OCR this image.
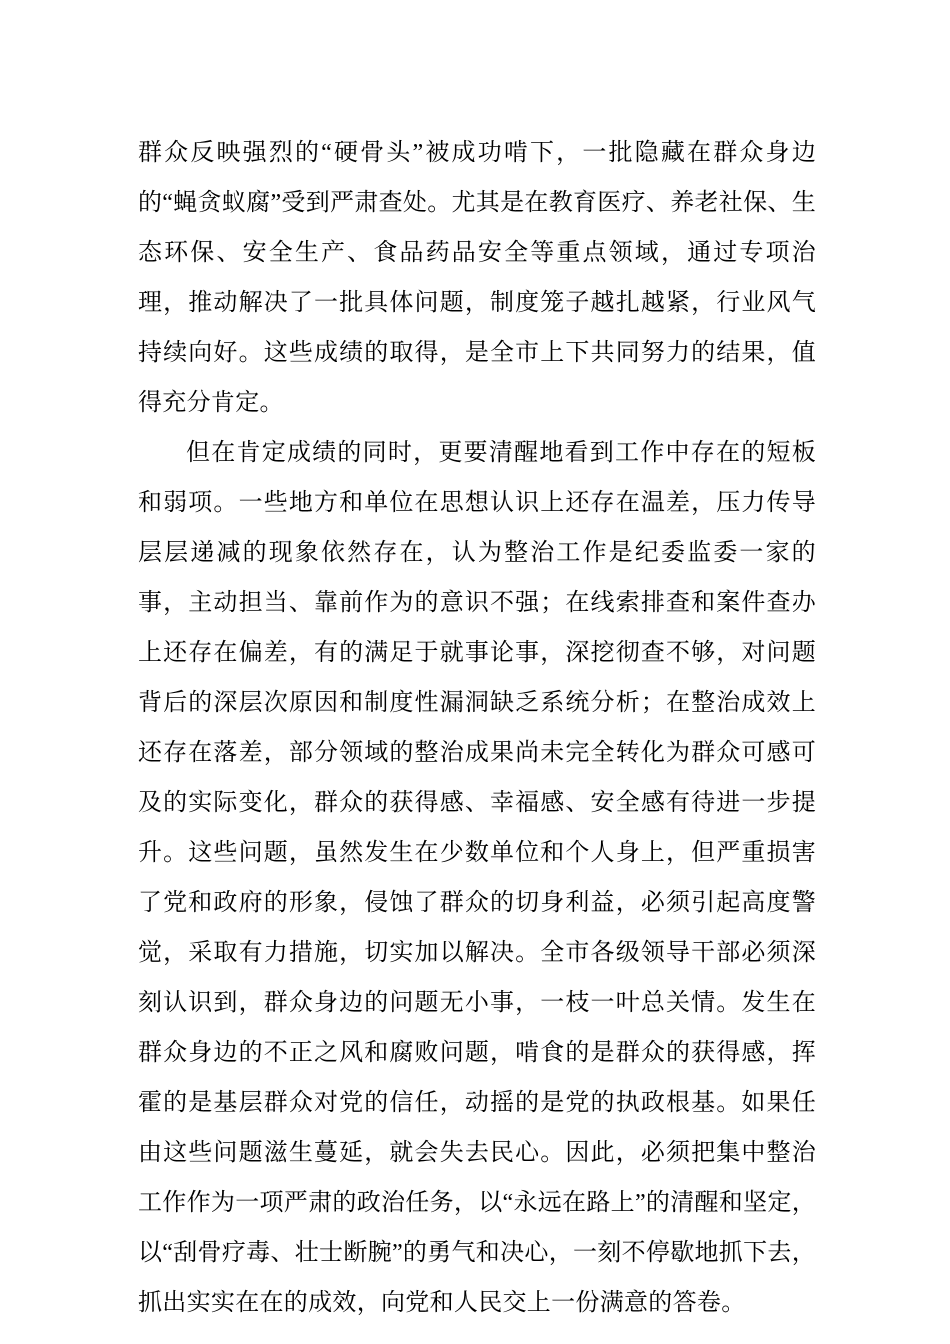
群众反映强烈的“硬骨头”被成功啃下，一批隐藏在群众身边的“蝇贪蚁腐”受到严肃查处。尤其是在教育医疗、养老社保、生态环保、安全生产、食品药品安全等重点领域，通过专项治理，推动解决了一批具体问题，制度笼子越扎越紧，行业风气持续向好。这些成绩的取得，是全市上下共同努力的结果，值得充分肯定。

但在肯定成绩的同时，更要清醒地看到工作中存在的短板和弱项。一些地方和单位在思想认识上还存在温差，压力传导层层递减的现象依然存在，认为整治工作是纪委监委一家的事，主动担当、靠前作为的意识不强；在线索排查和案件查办上还存在偏差，有的满足于就事论事，深挖彻查不够，对问题背后的深层次原因和制度性漏洞缺乏系统分析；在整治成效上还存在落差，部分领域的整治成果尚未完全转化为群众可感可及的实际变化，群众的获得感、幸福感、安全感有待进一步提升。这些问题，虽然发生在少数单位和个人身上，但严重损害了党和政府的形象，侵蚀了群众的切身利益，必须引起高度警觉，采取有力措施，切实加以解决。全市各级领导干部必须深刻认识到，群众身边的问题无小事，一枝一叶总关情。发生在群众身边的不正之风和腐败问题，啃食的是群众的获得感，挥霍的是基层群众对党的信任，动摇的是党的执政根基。如果任由这些问题滋生蔓延，就会失去民心。因此，必须把集中整治工作作为一项严肃的政治任务，以“永远在路上”的清醒和坚定，以“刮骨疗毒、壮士断腕”的勇气和决心，一刻不停歇地抓下去，抓出实实在在的成效，向党和人民交上一份满意的答卷。
